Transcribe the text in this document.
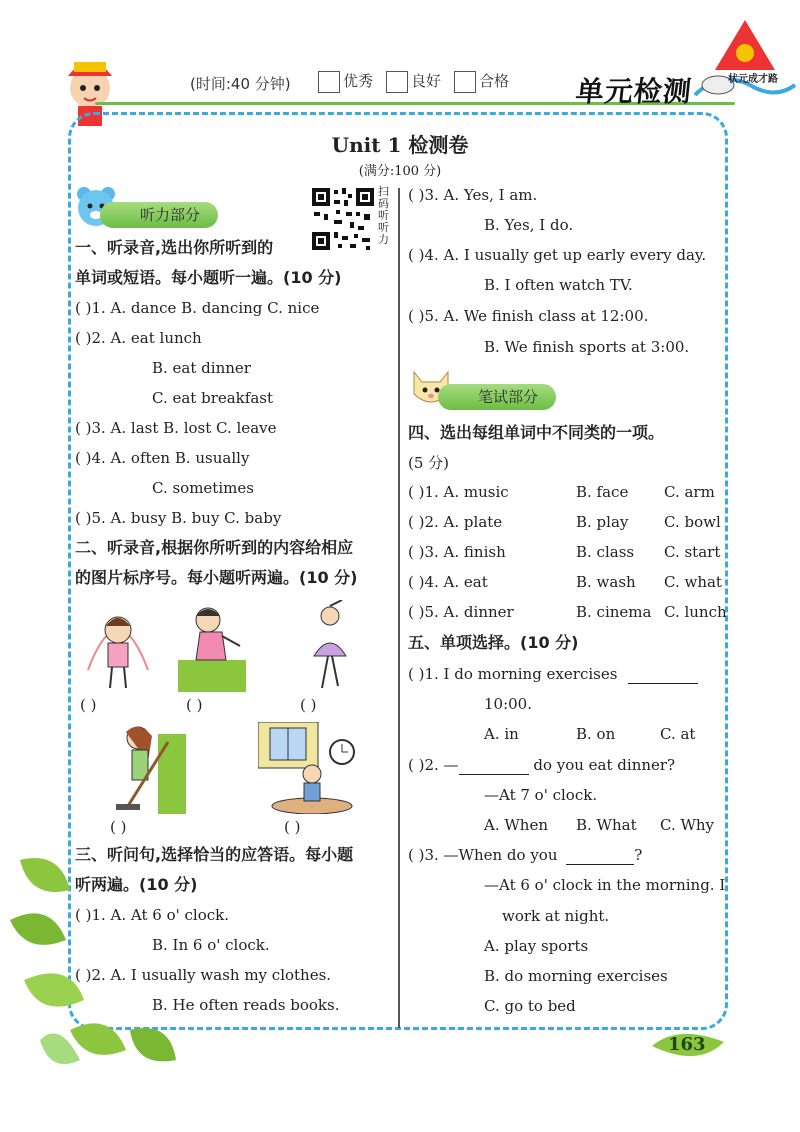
(时间:40 分钟)	优秀	良好	合格 单元检测	状元成才路
Unit 1 检测卷
(满分:100 分)
听力部分
扫码听听力
一、听录音,选出你所听到的
单词或短语。每小题听一遍。(10 分)
( )1. A. dance B. dancing C. nice
( )2. A. eat lunch
B. eat dinner
C. eat breakfast
( )3. A. last B. lost C. leave
( )4. A. often B. usually
C. sometimes
( )5. A. busy B. buy C. baby
二、听录音,根据你所听到的内容给相应
的图片标序号。每小题听两遍。(10 分)
( )	( )	( )
( )	( )
三、听问句,选择恰当的应答语。每小题
听两遍。(10 分)
( )1. A. At 6 o' clock.
B. In 6 o' clock.
( )2. A. I usually wash my clothes.
B. He often reads books.
( )3. A. Yes, I am.
B. Yes, I do.
( )4. A. I usually get up early every day.
B. I often watch TV.
( )5. A. We finish class at 12:00.
B. We finish sports at 3:00.
笔试部分
四、选出每组单词中不同类的一项。
(5 分)
( )1. A. music	B. face C. arm
( )2. A. plate	B. play C. bowl
( )3. A. finish	B. class C. start
( )4. A. eat	B. wash C. what
( )5. A. dinner	B. cinema C. lunch
五、单项选择。(10 分)
( )1. I do morning exercises
10:00.
A. in	B. on	C. at
( )2. —	do you eat dinner?
—At 7 o' clock.
A. When B. What C. Why
( )3. —When do you	?
—At 6 o' clock in the morning. I
work at night.
A. play sports
B. do morning exercises
C. go to bed
163
